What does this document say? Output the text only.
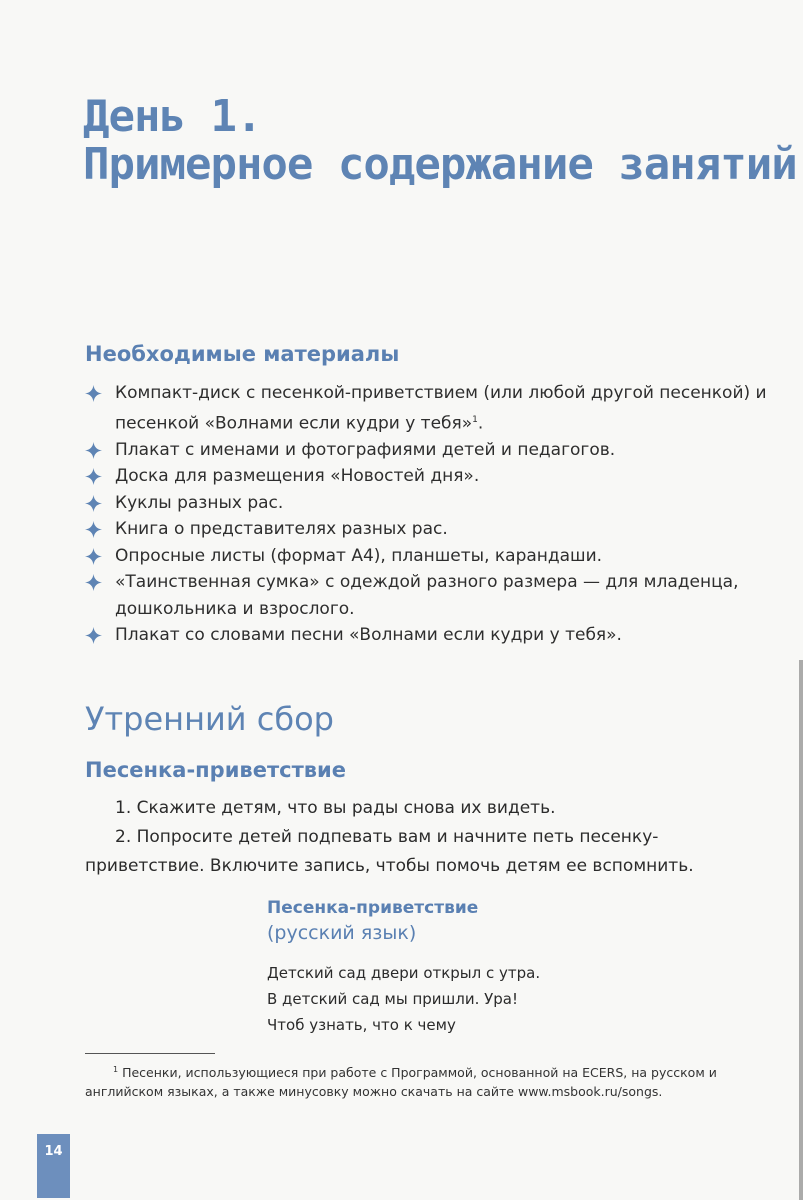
День 1.
Примерное содержание занятий
Необходимые материалы
Компакт-диск с песенкой-приветствием (или любой другой песенкой) и песенкой «Волнами если кудри у тебя»$^1$.
Плакат с именами и фотографиями детей и педагогов.
Доска для размещения «Новостей дня».
Куклы разных рас.
Книга о представителях разных рас.
Опросные листы (формат А4), планшеты, карандаши.
«Таинственная сумка» с одеждой разного размера — для младенца, дошкольника и взрослого.
Плакат со словами песни «Волнами если кудри у тебя».
Утренний сбор
Песенка-приветствие

1. Скажите детям, что вы рады снова их видеть.

2. Попросите детей подпевать вам и начните петь песенку-приветствие. Включите запись, чтобы помочь детям ее вспомнить.

Песенка-приветствие
(русский язык)

Детский сад двери открыл с утра.

В детский сад мы пришли. Ура!

Чтоб узнать, что к чему

$^1$ Песенки, использующиеся при работе с Программой, основанной на ECERS, на русском и английском языках, а также минусовку можно скачать на сайте www.msbook.ru/songs.

14
